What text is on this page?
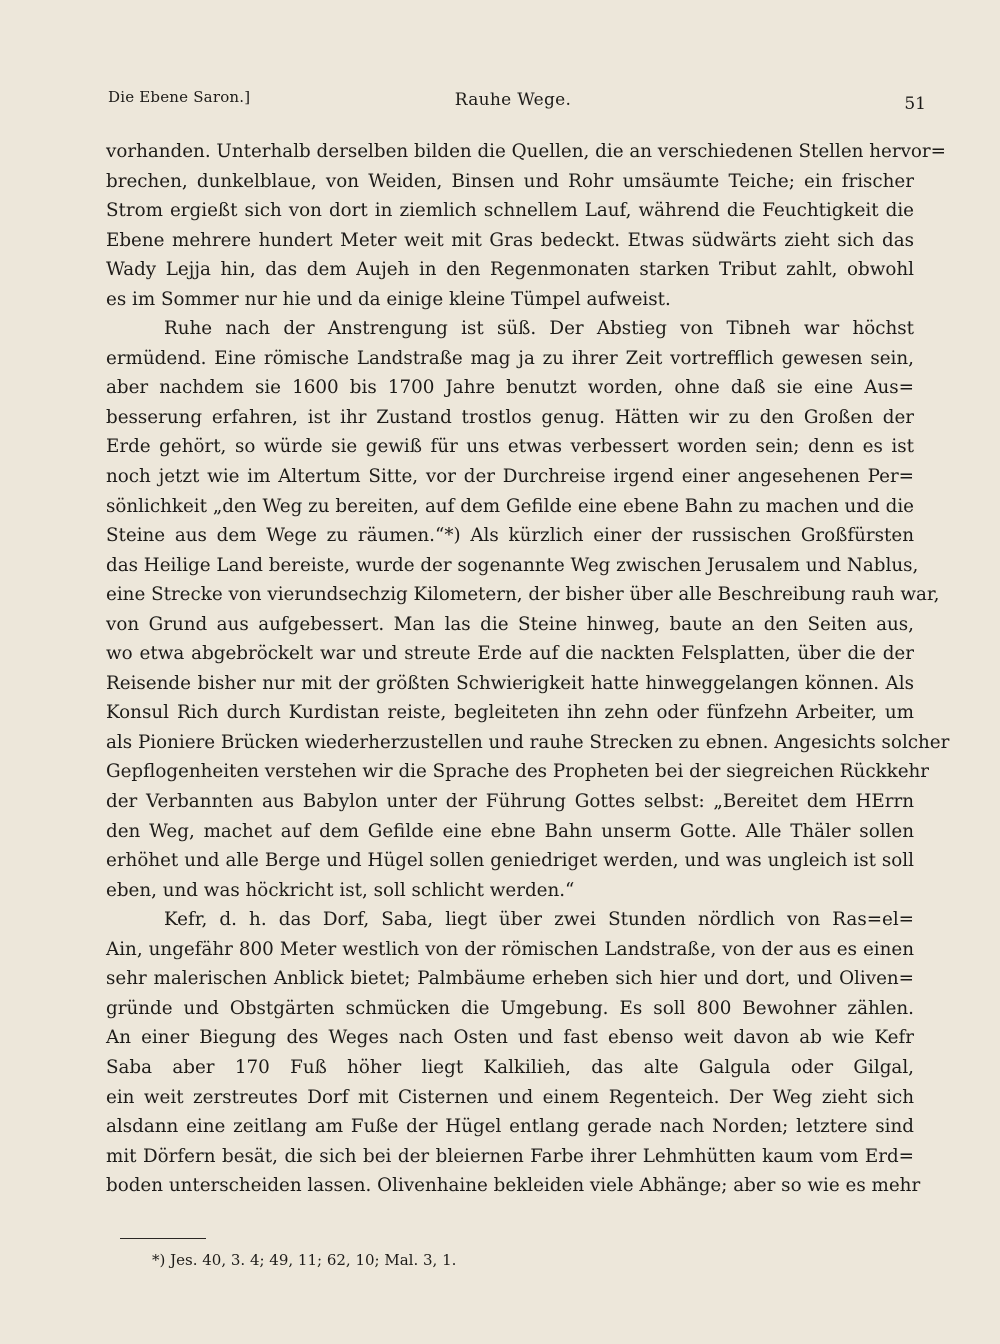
Die Ebene Saron.]	Rauhe Wege.	51
vorhanden. Unterhalb derselben bilden die Quellen, die an verschiedenen Stellen hervor=
brechen, dunkelblaue, von Weiden, Binsen und Rohr umsäumte Teiche; ein frischer
Strom ergießt sich von dort in ziemlich schnellem Lauf, während die Feuchtigkeit die
Ebene mehrere hundert Meter weit mit Gras bedeckt. Etwas südwärts zieht sich das
Wady Lejja hin, das dem Aujeh in den Regenmonaten starken Tribut zahlt, obwohl
es im Sommer nur hie und da einige kleine Tümpel aufweist.
Ruhe nach der Anstrengung ist süß. Der Abstieg von Tibneh war höchst
ermüdend. Eine römische Landstraße mag ja zu ihrer Zeit vortrefflich gewesen sein,
aber nachdem sie 1600 bis 1700 Jahre benutzt worden, ohne daß sie eine Aus=
besserung erfahren, ist ihr Zustand trostlos genug. Hätten wir zu den Großen der
Erde gehört, so würde sie gewiß für uns etwas verbessert worden sein; denn es ist
noch jetzt wie im Altertum Sitte, vor der Durchreise irgend einer angesehenen Per=
sönlichkeit „den Weg zu bereiten, auf dem Gefilde eine ebene Bahn zu machen und die
Steine aus dem Wege zu räumen.“*) Als kürzlich einer der russischen Großfürsten
das Heilige Land bereiste, wurde der sogenannte Weg zwischen Jerusalem und Nablus,
eine Strecke von vierundsechzig Kilometern, der bisher über alle Beschreibung rauh war,
von Grund aus aufgebessert. Man las die Steine hinweg, baute an den Seiten aus,
wo etwa abgebröckelt war und streute Erde auf die nackten Felsplatten, über die der
Reisende bisher nur mit der größten Schwierigkeit hatte hinweggelangen können. Als
Konsul Rich durch Kurdistan reiste, begleiteten ihn zehn oder fünfzehn Arbeiter, um
als Pioniere Brücken wiederherzustellen und rauhe Strecken zu ebnen. Angesichts solcher
Gepflogenheiten verstehen wir die Sprache des Propheten bei der siegreichen Rückkehr
der Verbannten aus Babylon unter der Führung Gottes selbst: „Bereitet dem HErrn
den Weg, machet auf dem Gefilde eine ebne Bahn unserm Gotte. Alle Thäler sollen
erhöhet und alle Berge und Hügel sollen geniedriget werden, und was ungleich ist soll
eben, und was höckricht ist, soll schlicht werden.“
Kefr, d. h. das Dorf, Saba, liegt über zwei Stunden nördlich von Ras=el=
Ain, ungefähr 800 Meter westlich von der römischen Landstraße, von der aus es einen
sehr malerischen Anblick bietet; Palmbäume erheben sich hier und dort, und Oliven=
gründe und Obstgärten schmücken die Umgebung. Es soll 800 Bewohner zählen.
An einer Biegung des Weges nach Osten und fast ebenso weit davon ab wie Kefr
Saba aber 170 Fuß höher liegt Kalkilieh, das alte Galgula oder Gilgal,
ein weit zerstreutes Dorf mit Cisternen und einem Regenteich. Der Weg zieht sich
alsdann eine zeitlang am Fuße der Hügel entlang gerade nach Norden; letztere sind
mit Dörfern besät, die sich bei der bleiernen Farbe ihrer Lehmhütten kaum vom Erd=
boden unterscheiden lassen. Olivenhaine bekleiden viele Abhänge; aber so wie es mehr
*) Jes. 40, 3. 4; 49, 11; 62, 10; Mal. 3, 1.
